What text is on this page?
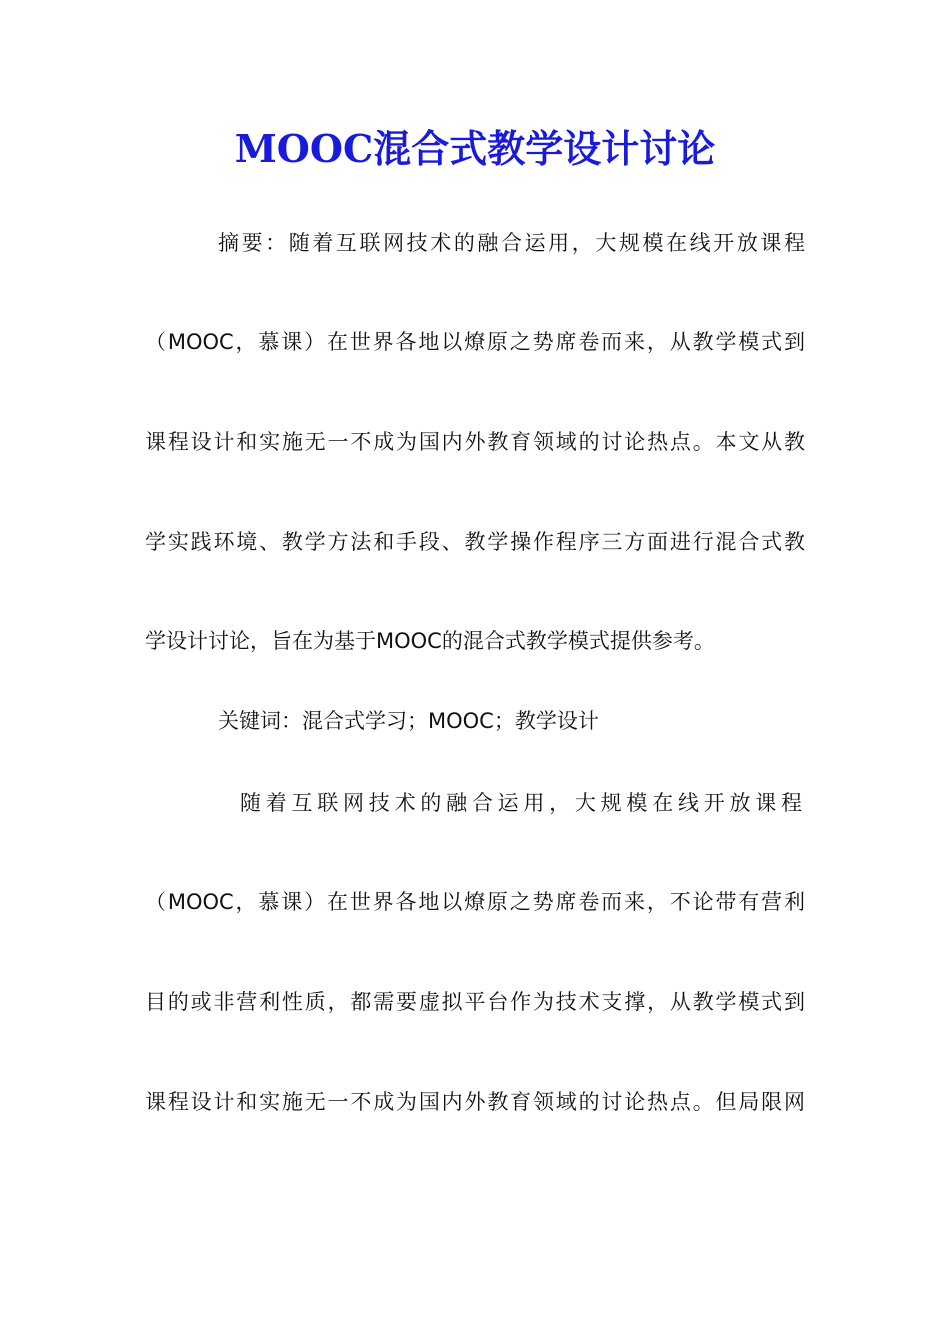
MOOC混合式教学设计讨论
摘要：随着互联网技术的融合运用，大规模在线开放课程
（MOOC，慕课）在世界各地以燎原之势席卷而来，从教学模式到
课程设计和实施无一不成为国内外教育领域的讨论热点。本文从教
学实践环境、教学方法和手段、教学操作程序三方面进行混合式教
学设计讨论，旨在为基于MOOC的混合式教学模式提供参考。
关键词：混合式学习；MOOC；教学设计
随着互联网技术的融合运用，大规模在线开放课程
（MOOC，慕课）在世界各地以燎原之势席卷而来，不论带有营利
目的或非营利性质，都需要虚拟平台作为技术支撑，从教学模式到
课程设计和实施无一不成为国内外教育领域的讨论热点。但局限网
